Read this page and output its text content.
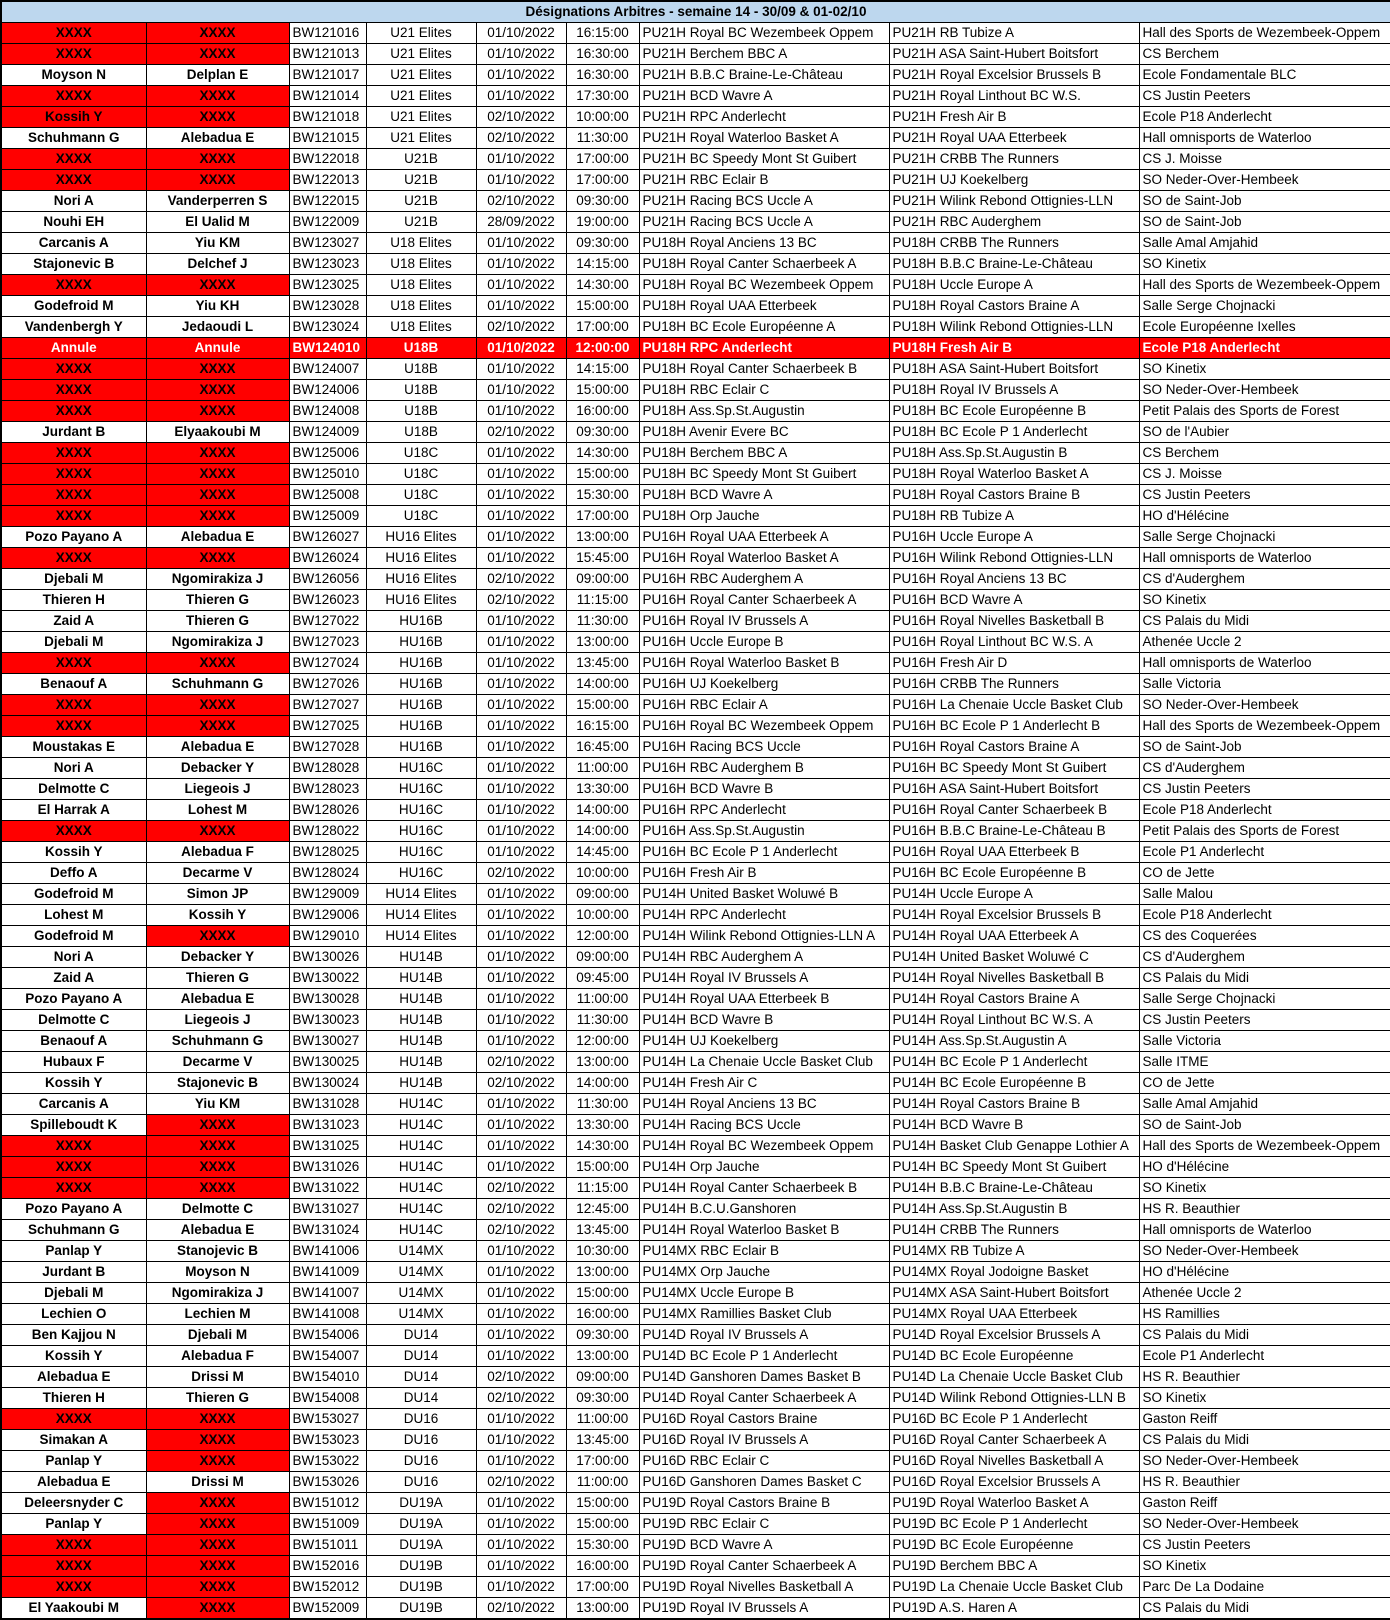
Désignations Arbitres - semaine 14 - 30/09 & 01-02/10								
XXXX	XXXX	BW121016	U21 Elites	01/10/2022	16:15:00	PU21H Royal BC Wezembeek Oppem	PU21H RB Tubize A	Hall des Sports de Wezembeek-Oppem
XXXX	XXXX	BW121013	U21 Elites	01/10/2022	16:30:00	PU21H Berchem BBC A	PU21H ASA Saint-Hubert Boitsfort	CS Berchem
Moyson N	Delplan E	BW121017	U21 Elites	01/10/2022	16:30:00	PU21H B.B.C Braine-Le-Château	PU21H Royal Excelsior Brussels B	Ecole Fondamentale BLC
XXXX	XXXX	BW121014	U21 Elites	01/10/2022	17:30:00	PU21H BCD Wavre A	PU21H Royal Linthout BC W.S.	CS Justin Peeters
Kossih Y	XXXX	BW121018	U21 Elites	02/10/2022	10:00:00	PU21H RPC Anderlecht	PU21H Fresh Air B	Ecole P18 Anderlecht
Schuhmann G	Alebadua E	BW121015	U21 Elites	02/10/2022	11:30:00	PU21H Royal Waterloo Basket A	PU21H Royal UAA Etterbeek	Hall omnisports de Waterloo
XXXX	XXXX	BW122018	U21B	01/10/2022	17:00:00	PU21H BC Speedy Mont St Guibert	PU21H CRBB The Runners	CS J. Moisse
XXXX	XXXX	BW122013	U21B	01/10/2022	17:00:00	PU21H RBC Eclair B	PU21H UJ Koekelberg	SO Neder-Over-Hembeek
Nori A	Vanderperren S	BW122015	U21B	02/10/2022	09:30:00	PU21H Racing BCS Uccle A	PU21H Wilink Rebond Ottignies-LLN	SO de Saint-Job
Nouhi EH	El Ualid M	BW122009	U21B	28/09/2022	19:00:00	PU21H Racing BCS Uccle A	PU21H RBC Auderghem	SO de Saint-Job
Carcanis A	Yiu KM	BW123027	U18 Elites	01/10/2022	09:30:00	PU18H Royal Anciens 13 BC	PU18H CRBB The Runners	Salle Amal Amjahid
Stajonevic B	Delchef J	BW123023	U18 Elites	01/10/2022	14:15:00	PU18H Royal Canter Schaerbeek A	PU18H B.B.C Braine-Le-Château	SO Kinetix
XXXX	XXXX	BW123025	U18 Elites	01/10/2022	14:30:00	PU18H Royal BC Wezembeek Oppem	PU18H Uccle Europe A	Hall des Sports de Wezembeek-Oppem
Godefroid M	Yiu KH	BW123028	U18 Elites	01/10/2022	15:00:00	PU18H Royal UAA Etterbeek	PU18H Royal Castors Braine A	Salle Serge Chojnacki
Vandenbergh Y	Jedaoudi L	BW123024	U18 Elites	02/10/2022	17:00:00	PU18H BC Ecole Européenne A	PU18H Wilink Rebond Ottignies-LLN	Ecole Européenne Ixelles
Annule	Annule	BW124010	U18B	01/10/2022	12:00:00	PU18H RPC Anderlecht	PU18H Fresh Air B	Ecole P18 Anderlecht
XXXX	XXXX	BW124007	U18B	01/10/2022	14:15:00	PU18H Royal Canter Schaerbeek B	PU18H ASA Saint-Hubert Boitsfort	SO Kinetix
XXXX	XXXX	BW124006	U18B	01/10/2022	15:00:00	PU18H RBC Eclair C	PU18H Royal IV Brussels A	SO Neder-Over-Hembeek
XXXX	XXXX	BW124008	U18B	01/10/2022	16:00:00	PU18H Ass.Sp.St.Augustin	PU18H BC Ecole Européenne B	Petit Palais des Sports de Forest
Jurdant B	Elyaakoubi M	BW124009	U18B	02/10/2022	09:30:00	PU18H Avenir Evere BC	PU18H BC Ecole P 1 Anderlecht	SO de l'Aubier
XXXX	XXXX	BW125006	U18C	01/10/2022	14:30:00	PU18H Berchem BBC A	PU18H Ass.Sp.St.Augustin B	CS Berchem
XXXX	XXXX	BW125010	U18C	01/10/2022	15:00:00	PU18H BC Speedy Mont St Guibert	PU18H Royal Waterloo Basket A	CS J. Moisse
XXXX	XXXX	BW125008	U18C	01/10/2022	15:30:00	PU18H BCD Wavre A	PU18H Royal Castors Braine B	CS Justin Peeters
XXXX	XXXX	BW125009	U18C	01/10/2022	17:00:00	PU18H Orp Jauche	PU18H RB Tubize A	HO d'Hélécine
Pozo Payano A	Alebadua E	BW126027	HU16 Elites	01/10/2022	13:00:00	PU16H Royal UAA Etterbeek A	PU16H Uccle Europe A	Salle Serge Chojnacki
XXXX	XXXX	BW126024	HU16 Elites	01/10/2022	15:45:00	PU16H Royal Waterloo Basket A	PU16H Wilink Rebond Ottignies-LLN	Hall omnisports de Waterloo
Djebali M	Ngomirakiza J	BW126056	HU16 Elites	02/10/2022	09:00:00	PU16H RBC Auderghem A	PU16H Royal Anciens 13 BC	CS d'Auderghem
Thieren H	Thieren G	BW126023	HU16 Elites	02/10/2022	11:15:00	PU16H Royal Canter Schaerbeek A	PU16H BCD Wavre A	SO Kinetix
Zaid A	Thieren G	BW127022	HU16B	01/10/2022	11:30:00	PU16H Royal IV Brussels A	PU16H Royal Nivelles Basketball B	CS Palais du Midi
Djebali M	Ngomirakiza J	BW127023	HU16B	01/10/2022	13:00:00	PU16H Uccle Europe B	PU16H Royal Linthout BC W.S. A	Athenée Uccle 2
XXXX	XXXX	BW127024	HU16B	01/10/2022	13:45:00	PU16H Royal Waterloo Basket B	PU16H Fresh Air D	Hall omnisports de Waterloo
Benaouf A	Schuhmann G	BW127026	HU16B	01/10/2022	14:00:00	PU16H UJ Koekelberg	PU16H CRBB The Runners	Salle Victoria
XXXX	XXXX	BW127027	HU16B	01/10/2022	15:00:00	PU16H RBC Eclair A	PU16H La Chenaie Uccle Basket Club	SO Neder-Over-Hembeek
XXXX	XXXX	BW127025	HU16B	01/10/2022	16:15:00	PU16H Royal BC Wezembeek Oppem	PU16H BC Ecole P 1 Anderlecht B	Hall des Sports de Wezembeek-Oppem
Moustakas E	Alebadua E	BW127028	HU16B	01/10/2022	16:45:00	PU16H Racing BCS Uccle	PU16H Royal Castors Braine A	SO de Saint-Job
Nori A	Debacker Y	BW128028	HU16C	01/10/2022	11:00:00	PU16H RBC Auderghem B	PU16H BC Speedy Mont St Guibert	CS d'Auderghem
Delmotte C	Liegeois J	BW128023	HU16C	01/10/2022	13:30:00	PU16H BCD Wavre B	PU16H ASA Saint-Hubert Boitsfort	CS Justin Peeters
El Harrak A	Lohest M	BW128026	HU16C	01/10/2022	14:00:00	PU16H RPC Anderlecht	PU16H Royal Canter Schaerbeek B	Ecole P18 Anderlecht
XXXX	XXXX	BW128022	HU16C	01/10/2022	14:00:00	PU16H Ass.Sp.St.Augustin	PU16H B.B.C Braine-Le-Château B	Petit Palais des Sports de Forest
Kossih Y	Alebadua F	BW128025	HU16C	01/10/2022	14:45:00	PU16H BC Ecole P 1 Anderlecht	PU16H Royal UAA Etterbeek B	Ecole P1 Anderlecht
Deffo A	Decarme V	BW128024	HU16C	02/10/2022	10:00:00	PU16H Fresh Air B	PU16H BC Ecole Européenne B	CO de Jette
Godefroid M	Simon JP	BW129009	HU14 Elites	01/10/2022	09:00:00	PU14H United Basket Woluwé B	PU14H Uccle Europe A	Salle Malou
Lohest M	Kossih Y	BW129006	HU14 Elites	01/10/2022	10:00:00	PU14H RPC Anderlecht	PU14H Royal Excelsior Brussels B	Ecole P18 Anderlecht
Godefroid M	XXXX	BW129010	HU14 Elites	01/10/2022	12:00:00	PU14H Wilink Rebond Ottignies-LLN A	PU14H Royal UAA Etterbeek A	CS des Coquerées
Nori A	Debacker Y	BW130026	HU14B	01/10/2022	09:00:00	PU14H RBC Auderghem A	PU14H United Basket Woluwé C	CS d'Auderghem
Zaid A	Thieren G	BW130022	HU14B	01/10/2022	09:45:00	PU14H Royal IV Brussels A	PU14H Royal Nivelles Basketball B	CS Palais du Midi
Pozo Payano A	Alebadua E	BW130028	HU14B	01/10/2022	11:00:00	PU14H Royal UAA Etterbeek B	PU14H Royal Castors Braine A	Salle Serge Chojnacki
Delmotte C	Liegeois J	BW130023	HU14B	01/10/2022	11:30:00	PU14H BCD Wavre B	PU14H Royal Linthout BC W.S. A	CS Justin Peeters
Benaouf A	Schuhmann G	BW130027	HU14B	01/10/2022	12:00:00	PU14H UJ Koekelberg	PU14H Ass.Sp.St.Augustin A	Salle Victoria
Hubaux F	Decarme V	BW130025	HU14B	02/10/2022	13:00:00	PU14H La Chenaie Uccle Basket Club	PU14H BC Ecole P 1 Anderlecht	Salle ITME
Kossih Y	Stajonevic B	BW130024	HU14B	02/10/2022	14:00:00	PU14H Fresh Air C	PU14H BC Ecole Européenne B	CO de Jette
Carcanis A	Yiu KM	BW131028	HU14C	01/10/2022	11:30:00	PU14H Royal Anciens 13 BC	PU14H Royal Castors Braine B	Salle Amal Amjahid
Spilleboudt K	XXXX	BW131023	HU14C	01/10/2022	13:30:00	PU14H Racing BCS Uccle	PU14H BCD Wavre B	SO de Saint-Job
XXXX	XXXX	BW131025	HU14C	01/10/2022	14:30:00	PU14H Royal BC Wezembeek Oppem	PU14H Basket Club Genappe Lothier A	Hall des Sports de Wezembeek-Oppem
XXXX	XXXX	BW131026	HU14C	01/10/2022	15:00:00	PU14H Orp Jauche	PU14H BC Speedy Mont St Guibert	HO d'Hélécine
XXXX	XXXX	BW131022	HU14C	02/10/2022	11:15:00	PU14H Royal Canter Schaerbeek B	PU14H B.B.C Braine-Le-Château	SO Kinetix
Pozo Payano A	Delmotte C	BW131027	HU14C	02/10/2022	12:45:00	PU14H B.C.U.Ganshoren	PU14H Ass.Sp.St.Augustin B	HS R. Beauthier
Schuhmann G	Alebadua E	BW131024	HU14C	02/10/2022	13:45:00	PU14H Royal Waterloo Basket B	PU14H CRBB The Runners	Hall omnisports de Waterloo
Panlap Y	Stanojevic B	BW141006	U14MX	01/10/2022	10:30:00	PU14MX RBC Eclair B	PU14MX RB Tubize A	SO Neder-Over-Hembeek
Jurdant B	Moyson N	BW141009	U14MX	01/10/2022	13:00:00	PU14MX Orp Jauche	PU14MX Royal Jodoigne Basket	HO d'Hélécine
Djebali M	Ngomirakiza J	BW141007	U14MX	01/10/2022	15:00:00	PU14MX Uccle Europe B	PU14MX ASA Saint-Hubert Boitsfort	Athenée Uccle 2
Lechien O	Lechien M	BW141008	U14MX	01/10/2022	16:00:00	PU14MX Ramillies Basket Club	PU14MX Royal UAA Etterbeek	HS Ramillies
Ben Kajjou N	Djebali M	BW154006	DU14	01/10/2022	09:30:00	PU14D Royal IV Brussels A	PU14D Royal Excelsior Brussels A	CS Palais du Midi
Kossih Y	Alebadua F	BW154007	DU14	01/10/2022	13:00:00	PU14D BC Ecole P 1 Anderlecht	PU14D BC Ecole Européenne	Ecole P1 Anderlecht
Alebadua E	Drissi M	BW154010	DU14	02/10/2022	09:00:00	PU14D Ganshoren Dames Basket B	PU14D La Chenaie Uccle Basket Club	HS R. Beauthier
Thieren H	Thieren G	BW154008	DU14	02/10/2022	09:30:00	PU14D Royal Canter Schaerbeek A	PU14D Wilink Rebond Ottignies-LLN B	SO Kinetix
XXXX	XXXX	BW153027	DU16	01/10/2022	11:00:00	PU16D Royal Castors Braine	PU16D BC Ecole P 1 Anderlecht	Gaston Reiff
Simakan A	XXXX	BW153023	DU16	01/10/2022	13:45:00	PU16D Royal IV Brussels A	PU16D Royal Canter Schaerbeek A	CS Palais du Midi
Panlap Y	XXXX	BW153022	DU16	01/10/2022	17:00:00	PU16D RBC Eclair C	PU16D Royal Nivelles Basketball A	SO Neder-Over-Hembeek
Alebadua E	Drissi M	BW153026	DU16	02/10/2022	11:00:00	PU16D Ganshoren Dames Basket C	PU16D Royal Excelsior Brussels A	HS R. Beauthier
Deleersnyder C	XXXX	BW151012	DU19A	01/10/2022	15:00:00	PU19D Royal Castors Braine B	PU19D Royal Waterloo Basket A	Gaston Reiff
Panlap Y	XXXX	BW151009	DU19A	01/10/2022	15:00:00	PU19D RBC Eclair C	PU19D BC Ecole P 1 Anderlecht	SO Neder-Over-Hembeek
XXXX	XXXX	BW151011	DU19A	01/10/2022	15:30:00	PU19D BCD Wavre A	PU19D BC Ecole Européenne	CS Justin Peeters
XXXX	XXXX	BW152016	DU19B	01/10/2022	16:00:00	PU19D Royal Canter Schaerbeek A	PU19D Berchem BBC A	SO Kinetix
XXXX	XXXX	BW152012	DU19B	01/10/2022	17:00:00	PU19D Royal Nivelles Basketball A	PU19D La Chenaie Uccle Basket Club	Parc De La Dodaine
El Yaakoubi M	XXXX	BW152009	DU19B	02/10/2022	13:00:00	PU19D Royal IV Brussels A	PU19D A.S. Haren A	CS Palais du Midi
